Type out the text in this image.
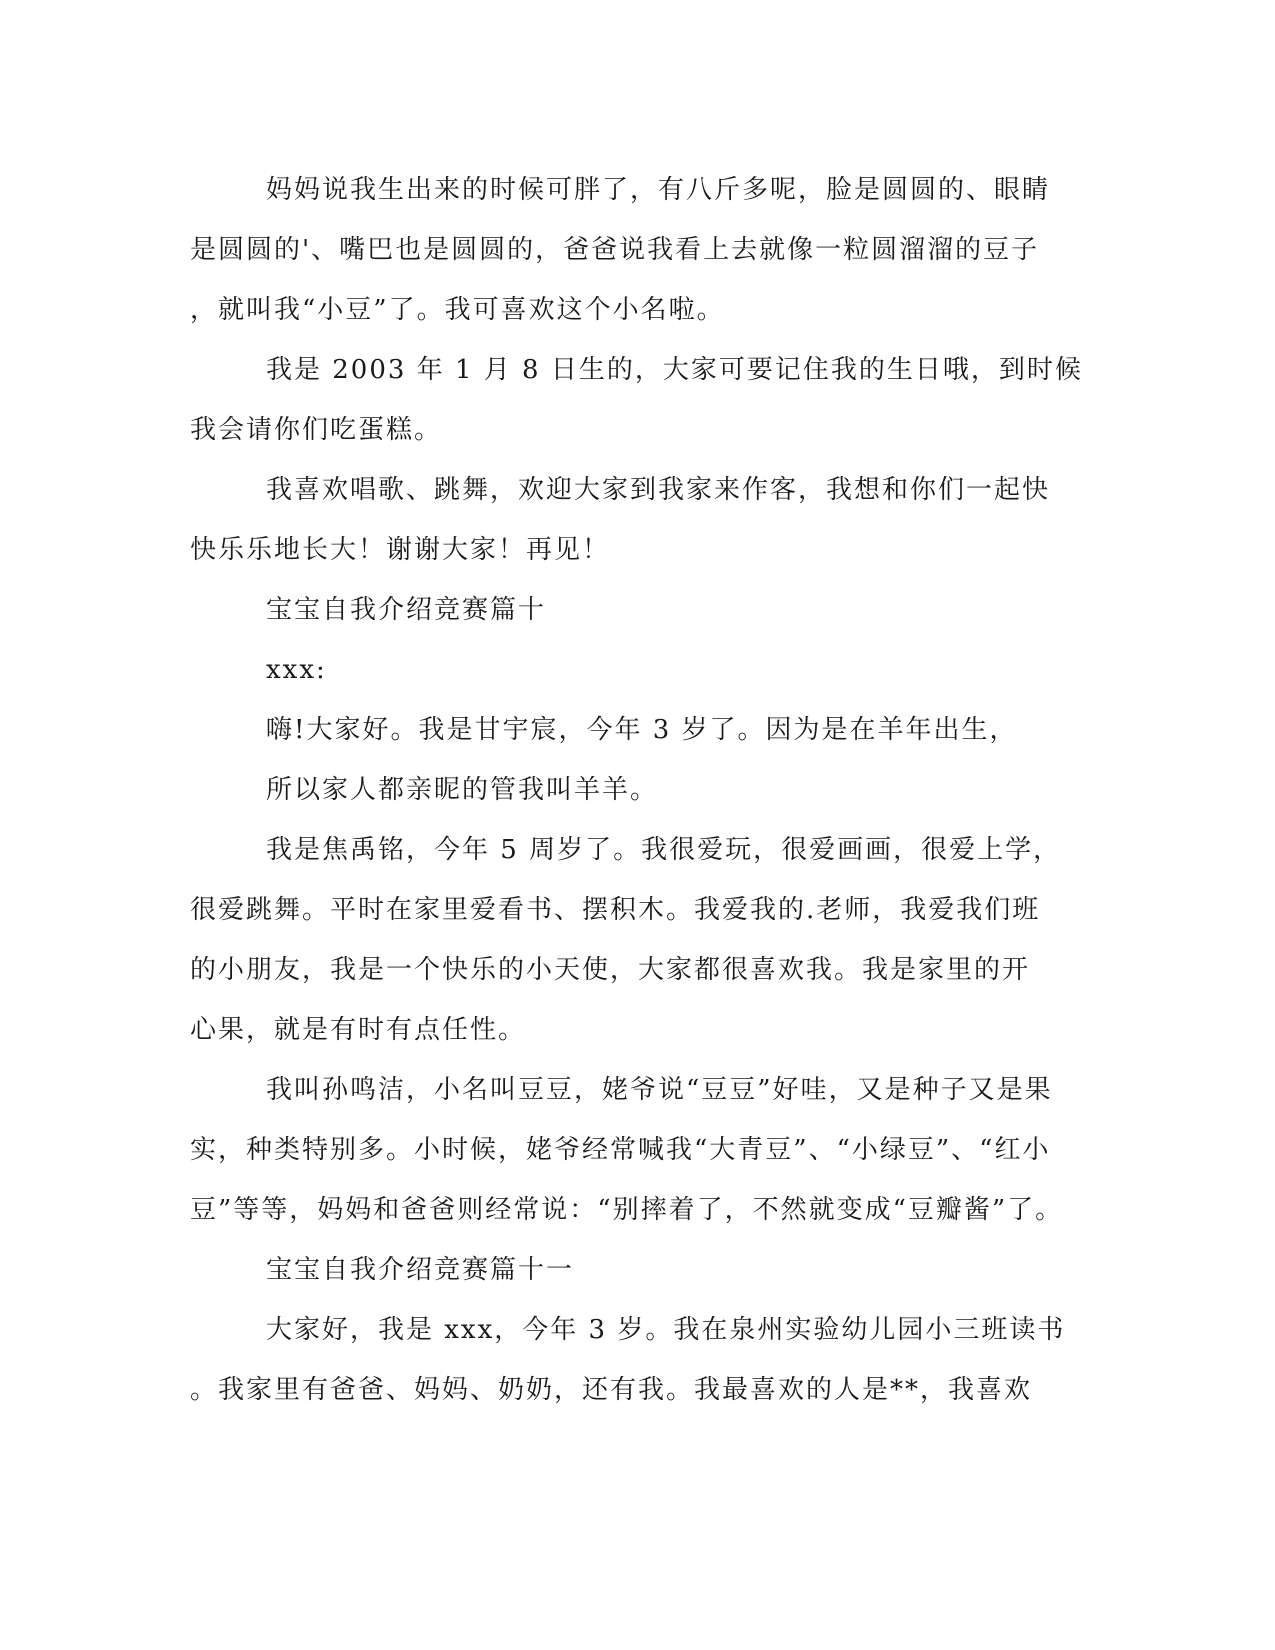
妈妈说我生出来的时候可胖了，有八斤多呢，脸是圆圆的、眼睛
是圆圆的'、嘴巴也是圆圆的，爸爸说我看上去就像一粒圆溜溜的豆子
，就叫我“小豆”了。我可喜欢这个小名啦。

我是 2003 年 1 月 8 日生的，大家可要记住我的生日哦，到时候
我会请你们吃蛋糕。

我喜欢唱歌、跳舞，欢迎大家到我家来作客，我想和你们一起快
快乐乐地长大！谢谢大家！再见！

宝宝自我介绍竞赛篇十

xxx:

嗨!大家好。我是甘宇宸，今年 3 岁了。因为是在羊年出生，

所以家人都亲昵的管我叫羊羊。

我是焦禹铭，今年 5 周岁了。我很爱玩，很爱画画，很爱上学，
很爱跳舞。平时在家里爱看书、摆积木。我爱我的.老师，我爱我们班
的小朋友，我是一个快乐的小天使，大家都很喜欢我。我是家里的开
心果，就是有时有点任性。

我叫孙鸣洁，小名叫豆豆，姥爷说“豆豆”好哇，又是种子又是果
实，种类特别多。小时候，姥爷经常喊我“大青豆”、“小绿豆”、“红小
豆”等等，妈妈和爸爸则经常说：“别摔着了，不然就变成“豆瓣酱”了。

宝宝自我介绍竞赛篇十一

大家好，我是 xxx，今年 3 岁。我在泉州实验幼儿园小三班读书
。我家里有爸爸、妈妈、奶奶，还有我。我最喜欢的人是**，我喜欢
